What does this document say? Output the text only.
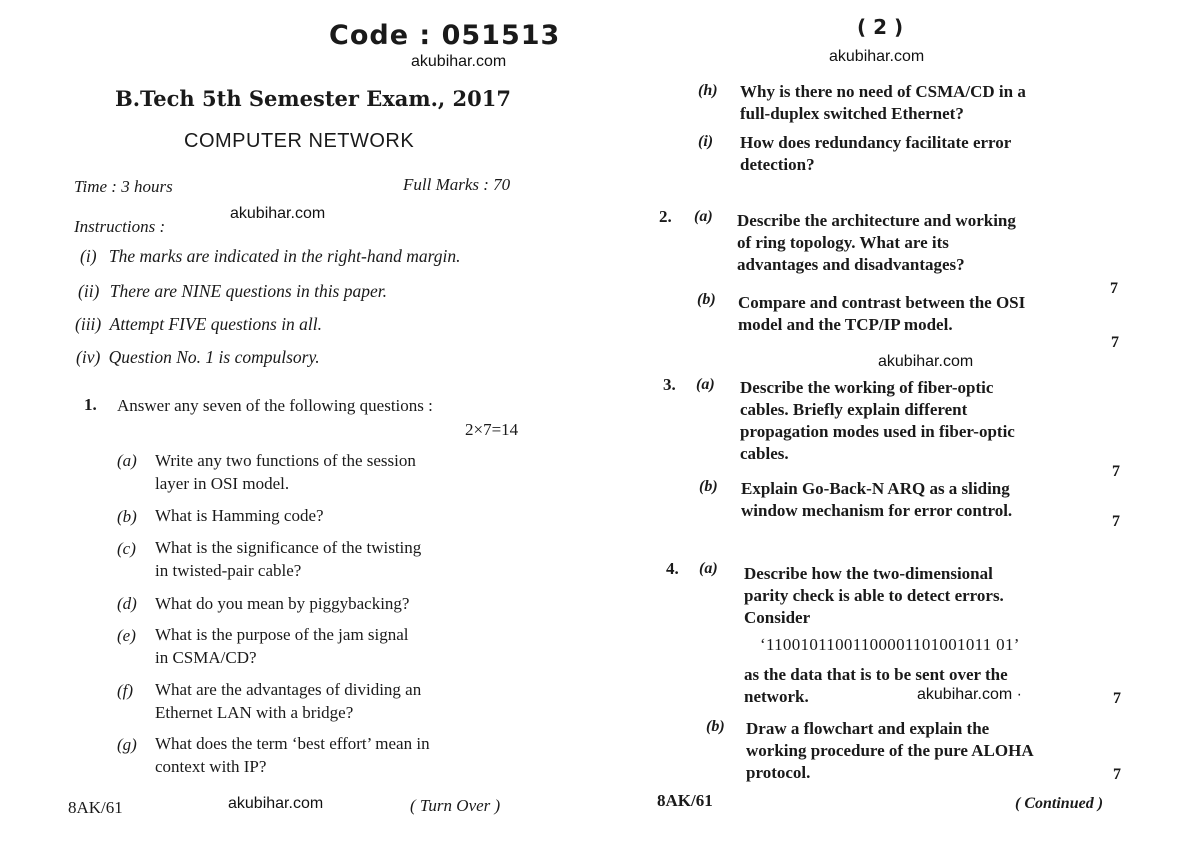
Code : 051513
akubihar.com
B.Tech 5th Semester Exam., 2017
COMPUTER NETWORK
Time : 3 hours	Full Marks : 70
Instructions :
akubihar.com
(i) The marks are indicated in the right-hand margin.
(ii) There are NINE questions in this paper.
(iii) Attempt FIVE questions in all.
(iv) Question No. 1 is compulsory.
1. Answer any seven of the following questions :
2×7=14
(a) Write any two functions of the session
layer in OSI model.
(b) What is Hamming code?
(c) What is the significance of the twisting
in twisted-pair cable?
(d) What do you mean by piggybacking?
(e) What is the purpose of the jam signal
in CSMA/CD?
(f) What are the advantages of dividing an
Ethernet LAN with a bridge?
(g) What does the term ‘best effort’ mean in
context with IP?
8AK/61	akubihar.com	( Turn Over )
( 2 )
akubihar.com
(h) Why is there no need of CSMA/CD in a
full-duplex switched Ethernet?
(i) How does redundancy facilitate error
detection?
2. (a) Describe the architecture and working
of ring topology. What are its
advantages and disadvantages?
7
(b) Compare and contrast between the OSI
model and the TCP/IP model.
7
akubihar.com
3. (a) Describe the working of fiber-optic
cables. Briefly explain different
propagation modes used in fiber-optic
cables.
7
(b) Explain Go-Back-N ARQ as a sliding
window mechanism for error control.
7
4. (a) Describe how the two-dimensional
parity check is able to detect errors.
Consider
‘11001011001100001101001011 01’
as the data that is to be sent over the
network.	akubihar.com ·	7
(b) Draw a flowchart and explain the
working procedure of the pure ALOHA
protocol.	7
8AK/61	( Continued )
